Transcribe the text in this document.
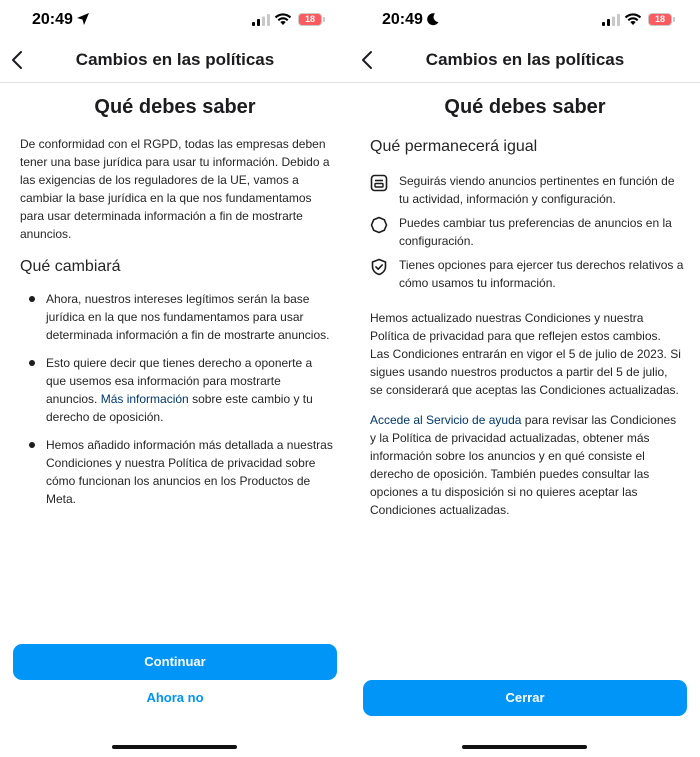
20:49	18
Cambios en las políticas
Qué debes saber
De conformidad con el RGPD, todas las empresas deben tener una base jurídica para usar tu información. Debido a las exigencias de los reguladores de la UE, vamos a cambiar la base jurídica en la que nos fundamentamos para usar determinada información a fin de mostrarte anuncios.
Qué cambiará
Ahora, nuestros intereses legítimos serán la base jurídica en la que nos fundamentamos para usar determinada información a fin de mostrarte anuncios.
Esto quiere decir que tienes derecho a oponerte a que usemos esa información para mostrarte anuncios. Más información sobre este cambio y tu derecho de oposición.
Hemos añadido información más detallada a nuestras Condiciones y nuestra Política de privacidad sobre cómo funcionan los anuncios en los Productos de Meta.
Continuar
Ahora no
20:49	18
Cambios en las políticas
Qué debes saber
Qué permanecerá igual
Seguirás viendo anuncios pertinentes en función de tu actividad, información y configuración.
Puedes cambiar tus preferencias de anuncios en la configuración.
Tienes opciones para ejercer tus derechos relativos a cómo usamos tu información.
Hemos actualizado nuestras Condiciones y nuestra Política de privacidad para que reflejen estos cambios. Las Condiciones entrarán en vigor el 5 de julio de 2023. Si sigues usando nuestros productos a partir del 5 de julio, se considerará que aceptas las Condiciones actualizadas.
Accede al Servicio de ayuda para revisar las Condiciones y la Política de privacidad actualizadas, obtener más información sobre los anuncios y en qué consiste el derecho de oposición. También puedes consultar las opciones a tu disposición si no quieres aceptar las Condiciones actualizadas.
Cerrar
